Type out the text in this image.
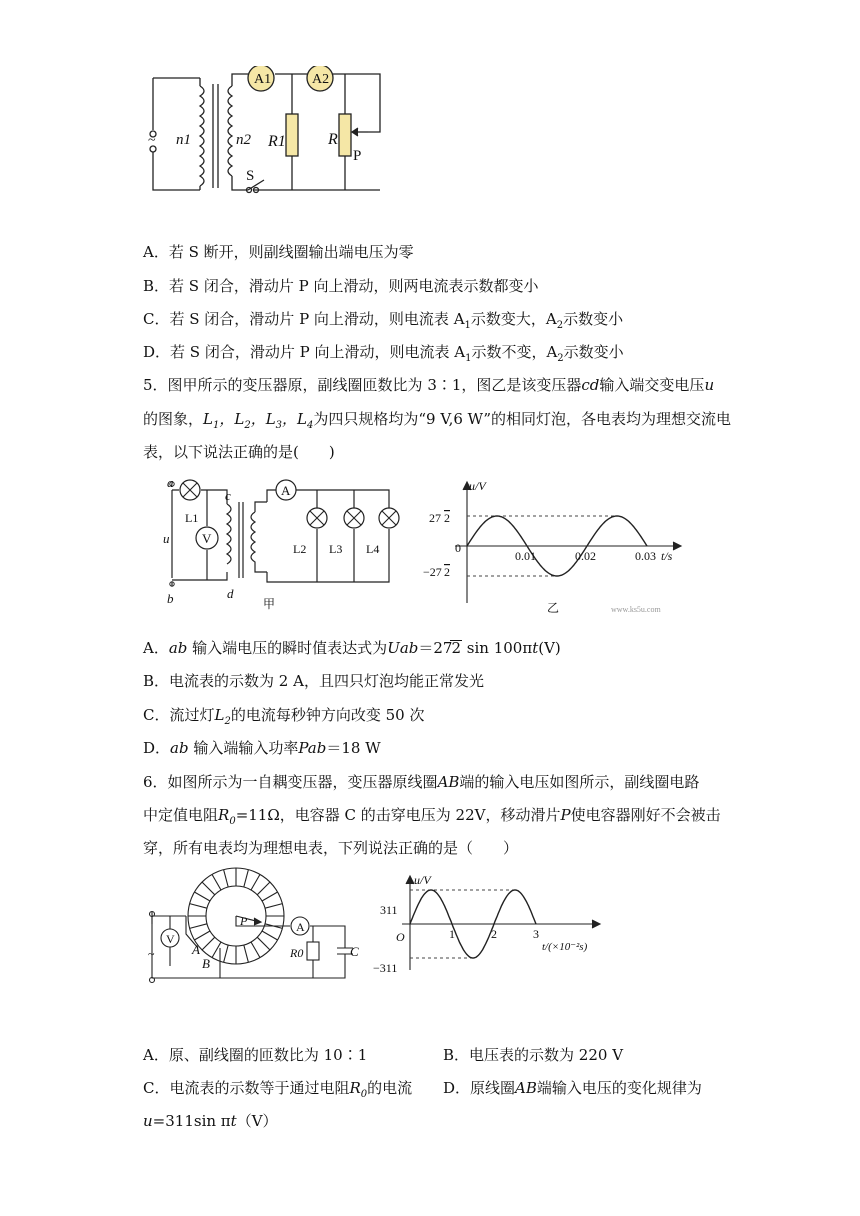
A1	A2
~ n1	n2 R1	R
P
S
A．若 S 断开，则副线圈输出端电压为零
B．若 S 闭合，滑动片 P 向上滑动，则两电流表示数都变小
C．若 S 闭合，滑动片 P 向上滑动，则电流表 $A_1$示数变大，$A_2$示数变小
D．若 S 闭合，滑动片 P 向上滑动，则电流表 $A_1$示数不变，$A_2$示数变小
5．图甲所示的变压器原，副线圈匝数比为 3∶1，图乙是该变压器cd输入端交变电压u
的图象，$L_1$，$L_2$，$L_3$，$L_4$为四只规格均为“9 V,6 W”的相同灯泡，各电表均为理想交流电
表，以下说法正确的是(　　)
a
b
c
d
u
L1
V
A
L2 L3 L4
甲
u/V
27 2
−27 2
0
0.01	0.02	0.03 t/s
乙	www.ks5u.com
A．ab 输入端电压的瞬时值表达式为Uab＝272 sin 100πt(V)
B．电流表的示数为 2 A，且四只灯泡均能正常发光
C．流过灯$L_2$的电流每秒钟方向改变 50 次
D．ab 输入端输入功率Pab＝18 W
6．如图所示为一自耦变压器，变压器原线圈AB端的输入电压如图所示，副线圈电路
中定值电阻$R_0=11\Omega$，电容器 C 的击穿电压为 22V，移动滑片P使电容器刚好不会被击
穿，所有电表均为理想电表，下列说法正确的是（　　）
V
A
A
B
P
R0	C
~
u/V
311
−311
O	1	2	3
t/(×10⁻²s)
A．原、副线圈的匝数比为 10∶1	B．电压表的示数为 220 V
C．电流表的示数等于通过电阻$R_0$的电流 D．原线圈AB端输入电压的变化规律为
u=311sin πt（V）
